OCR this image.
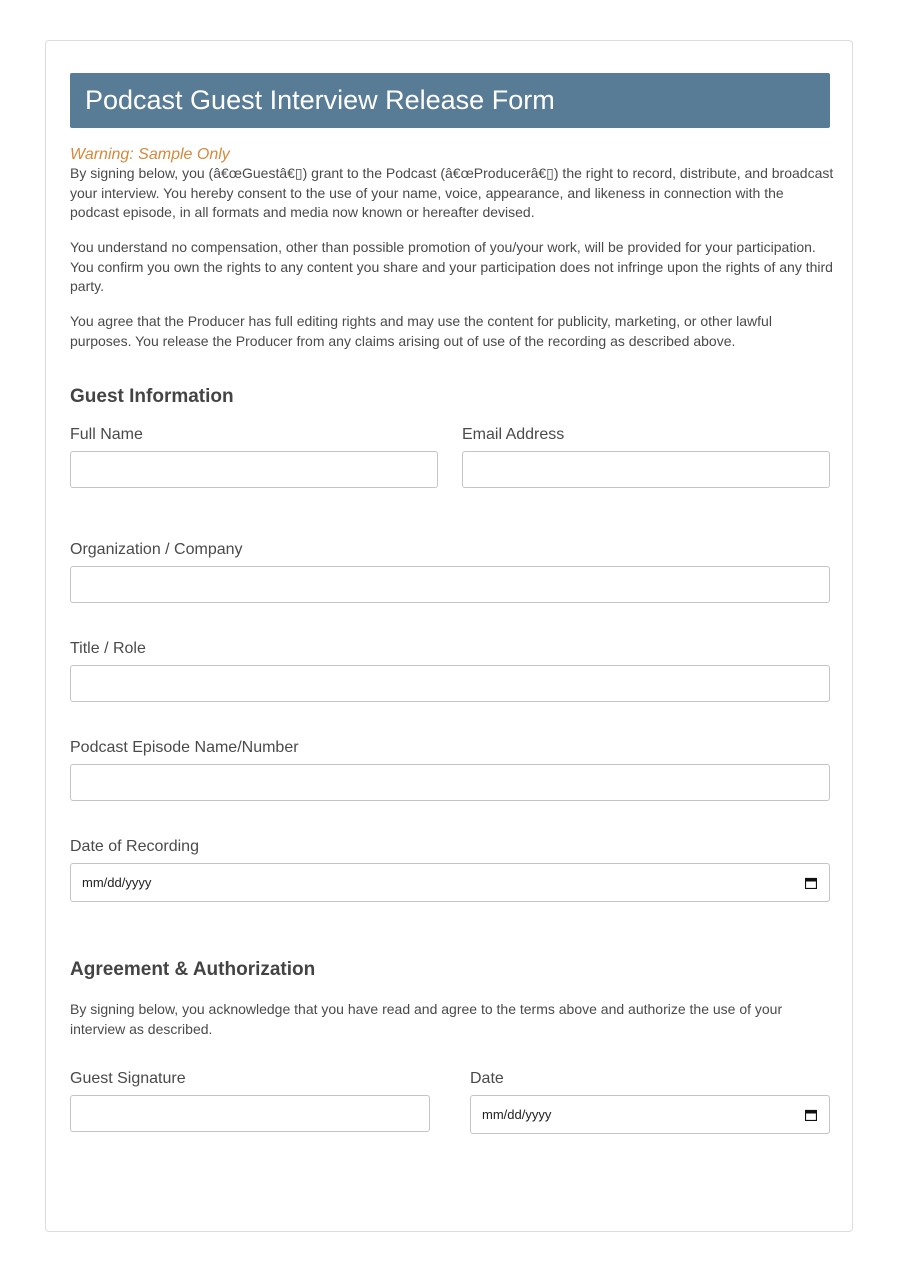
Podcast Guest Interview Release Form
Warning: Sample Only

By signing below, you (â€œGuestâ€▯) grant to the Podcast (â€œProducerâ€▯) the right to record, distribute, and broadcast your interview. You hereby consent to the use of your name, voice, appearance, and likeness in connection with the podcast episode, in all formats and media now known or hereafter devised.

You understand no compensation, other than possible promotion of you/your work, will be provided for your participation. You confirm you own the rights to any content you share and your participation does not infringe upon the rights of any third party.

You agree that the Producer has full editing rights and may use the content for publicity, marketing, or other lawful purposes. You release the Producer from any claims arising out of use of the recording as described above.

Guest Information
Full Name	Email Address
Organization / Company
Title / Role
Podcast Episode Name/Number
Date of Recording
mm/dd/yyyy
Agreement & Authorization

By signing below, you acknowledge that you have read and agree to the terms above and authorize the use of your interview as described.

Guest Signature	Date
mm/dd/yyyy
